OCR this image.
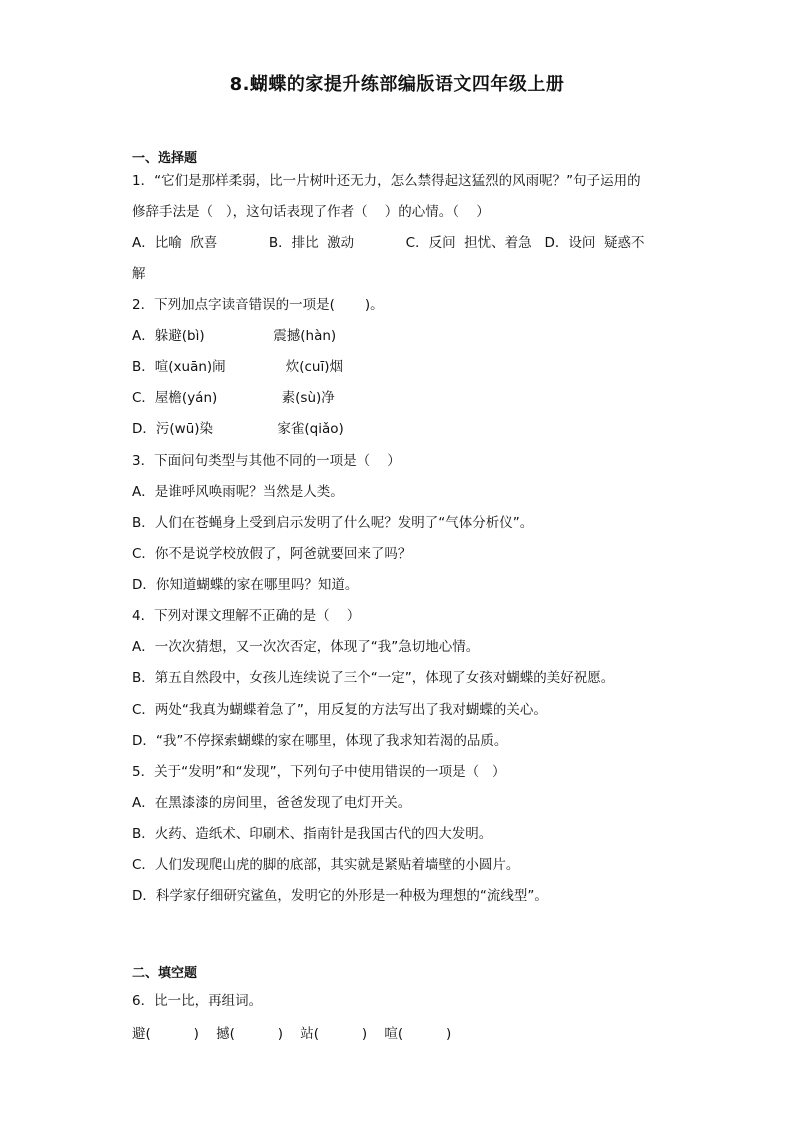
8.蝴蝶的家提升练部编版语文四年级上册
一、选择题
1．“它们是那样柔弱，比一片树叶还无力，怎么禁得起这猛烈的风雨呢？”句子运用的
修辞手法是（   ），这句话表现了作者（    ）的心情。（    ）
A．比喻  欣喜            B．排比  激动            C．反问  担忧、着急   D．设问  疑惑不
解
2．下列加点字读音错误的一项是(       )。
A．躲避(bì)                震撼(hàn)
B．喧(xuān)闹              炊(cuī)烟
C．屋檐(yán)               素(sù)净
D．污(wū)染               家雀(qiǎo)
3．下面问句类型与其他不同的一项是（    ）
A．是谁呼风唤雨呢？当然是人类。
B．人们在苍蝇身上受到启示发明了什么呢？发明了“气体分析仪”。
C．你不是说学校放假了，阿爸就要回来了吗？
D．你知道蝴蝶的家在哪里吗？知道。
4．下列对课文理解不正确的是（    ）
A．一次次猜想，又一次次否定，体现了“我”急切地心情。
B．第五自然段中，女孩儿连续说了三个“一定”，体现了女孩对蝴蝶的美好祝愿。
C．两处“我真为蝴蝶着急了”，用反复的方法写出了我对蝴蝶的关心。
D．“我”不停探索蝴蝶的家在哪里，体现了我求知若渴的品质。
5．关于“发明”和“发现”，下列句子中使用错误的一项是（   ）
A．在黑漆漆的房间里，爸爸发现了电灯开关。
B．火药、造纸术、印刷术、指南针是我国古代的四大发明。
C．人们发现爬山虎的脚的底部，其实就是紧贴着墙壁的小圆片。
D．科学家仔细研究鲨鱼，发明它的外形是一种极为理想的“流线型”。
二、填空题
6．比一比，再组词。
避(          )    撼(          )    站(          )    喧(          )
